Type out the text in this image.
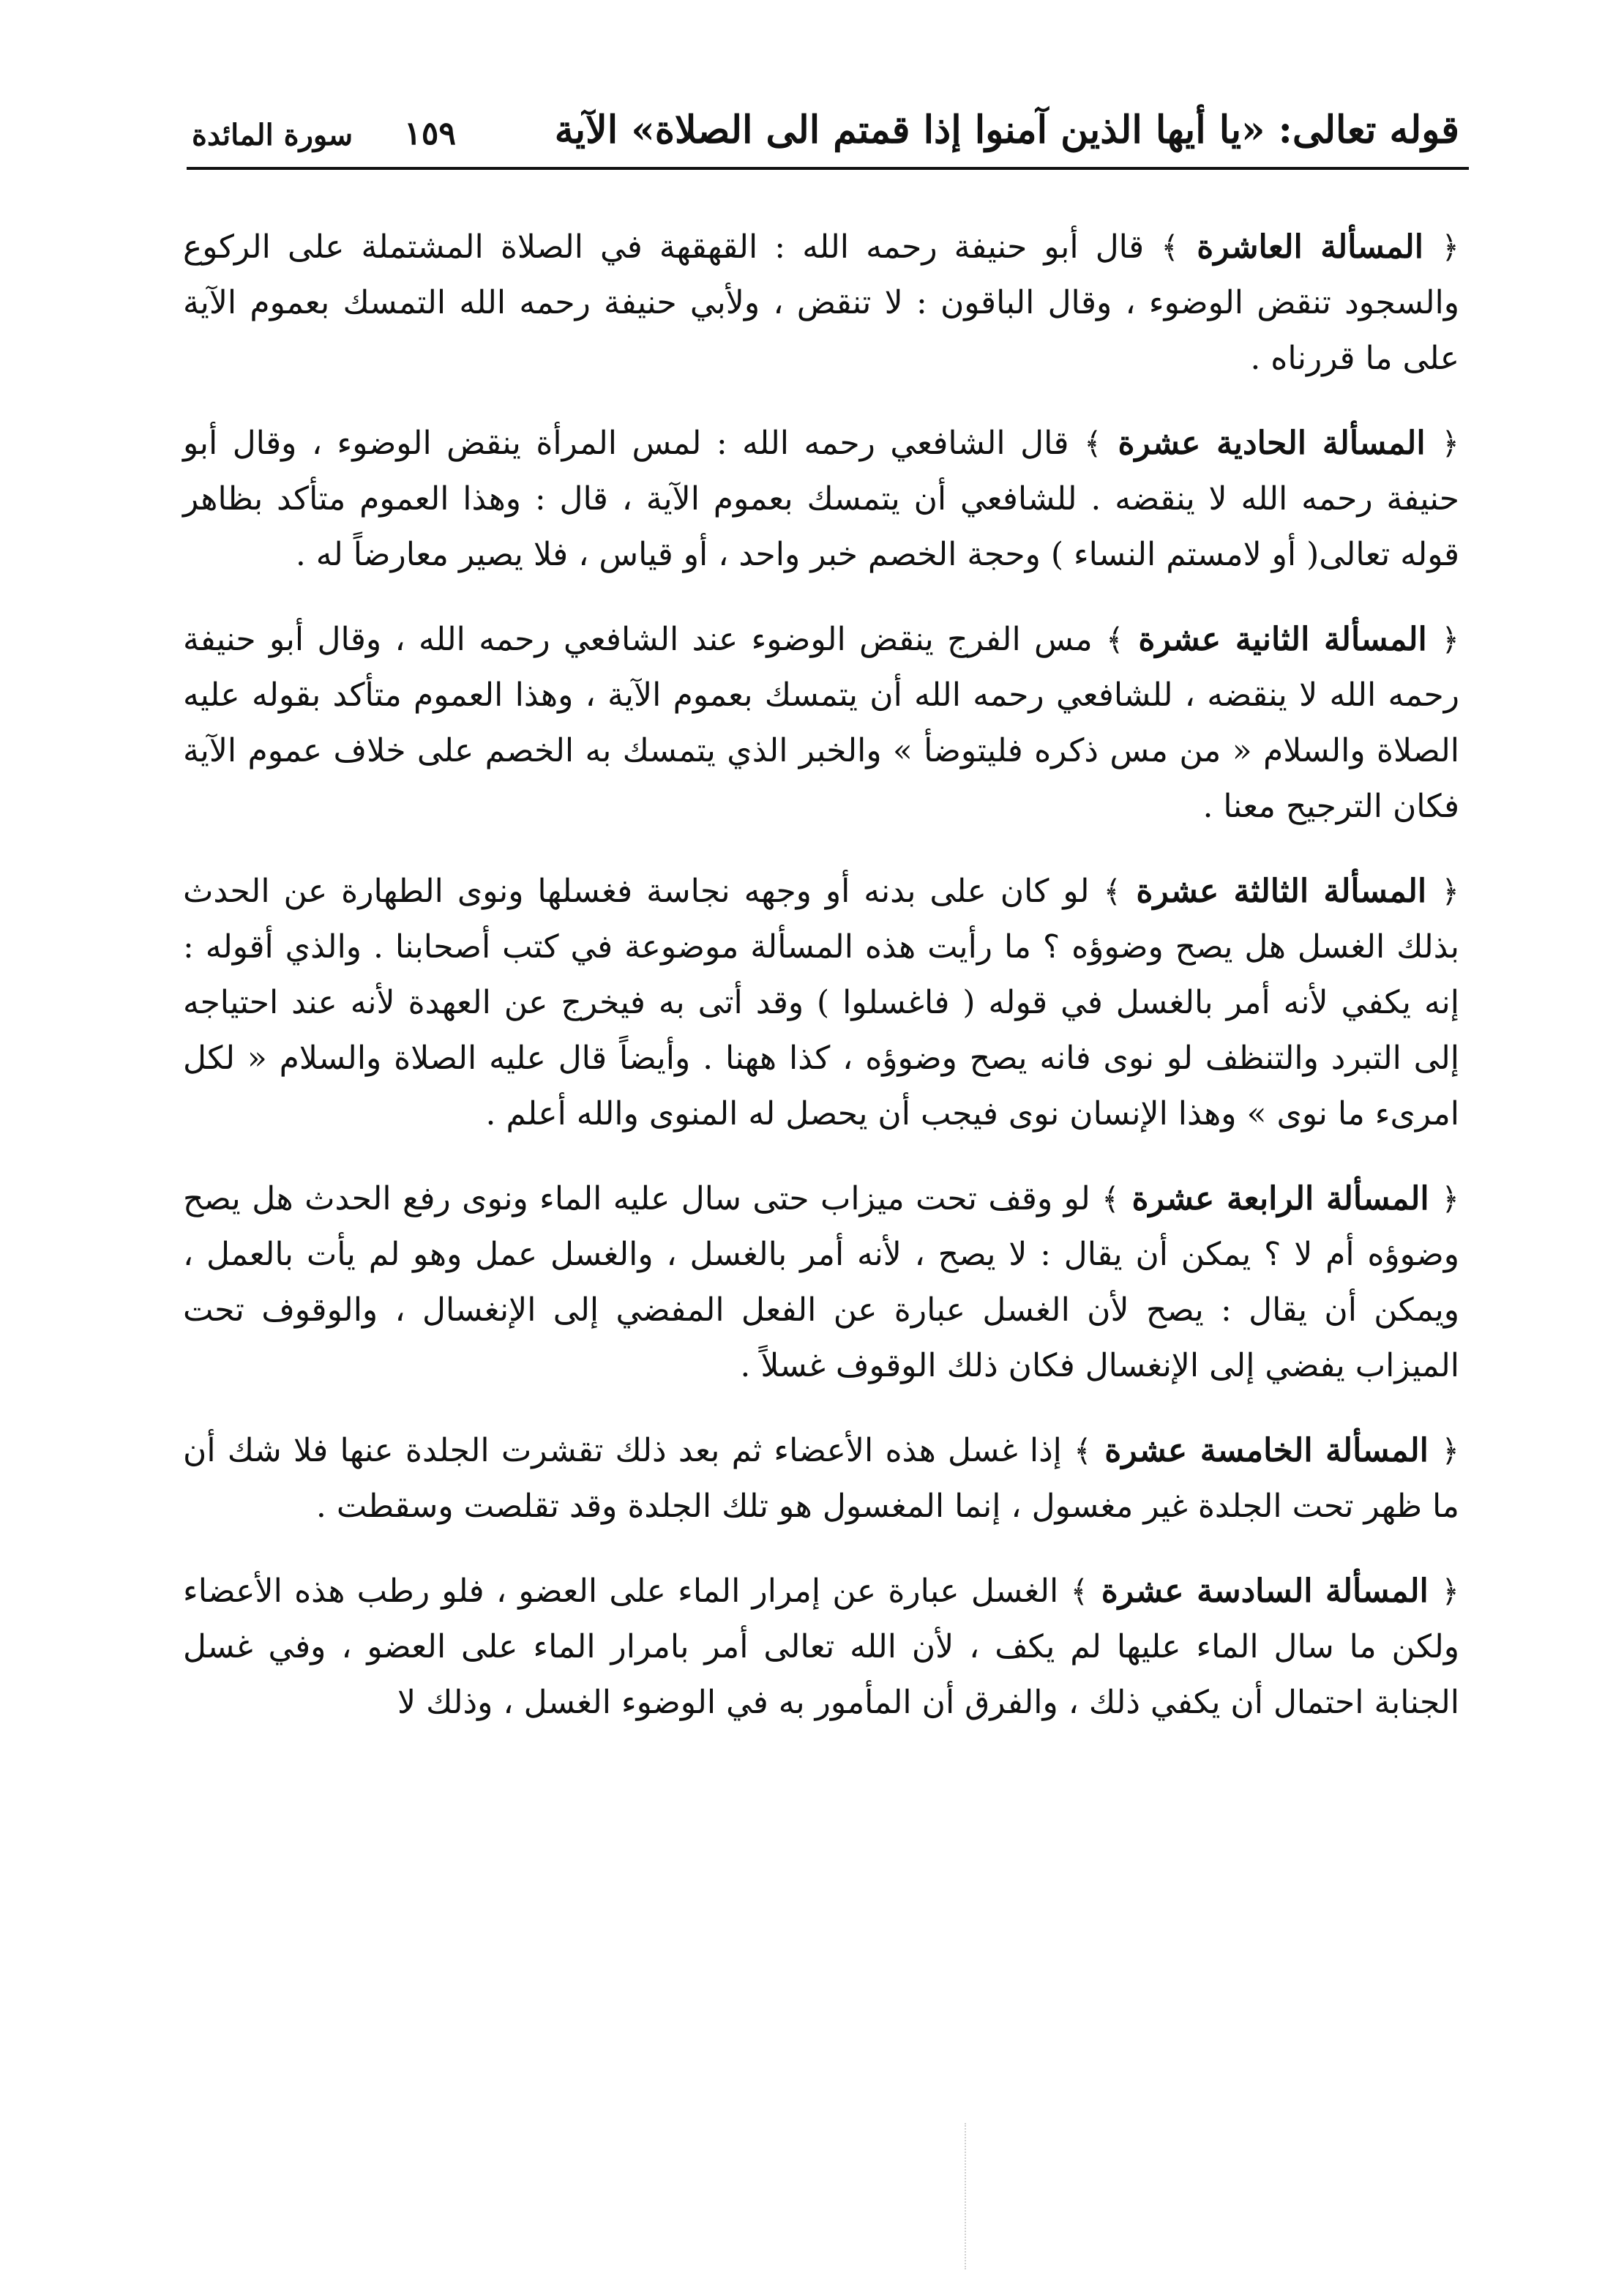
قوله تعالى: «يا أيها الذين آمنوا إذا قمتم الى الصلاة» الآية
سورة المائدة ١٥٩

﴿ المسألة العاشرة ﴾ قال أبو حنيفة رحمه الله : القهقهة في الصلاة المشتملة على الركوع والسجود تنقض الوضوء ، وقال الباقون : لا تنقض ، ولأبي حنيفة رحمه الله التمسك بعموم الآية على ما قررناه .

﴿ المسألة الحادية عشرة ﴾ قال الشافعي رحمه الله : لمس المرأة ينقض الوضوء ، وقال أبو حنيفة رحمه الله لا ينقضه . للشافعي أن يتمسك بعموم الآية ، قال : وهذا العموم متأكد بظاهر قوله تعالى( أو لامستم النساء ) وحجة الخصم خبر واحد ، أو قياس ، فلا يصير معارضاً له .

﴿ المسألة الثانية عشرة ﴾ مس الفرج ينقض الوضوء عند الشافعي رحمه الله ، وقال أبو حنيفة رحمه الله لا ينقضه ، للشافعي رحمه الله أن يتمسك بعموم الآية ، وهذا العموم متأكد بقوله عليه الصلاة والسلام « من مس ذكره فليتوضأ » والخبر الذي يتمسك به الخصم على خلاف عموم الآية فكان الترجيح معنا .

﴿ المسألة الثالثة عشرة ﴾ لو كان على بدنه أو وجهه نجاسة فغسلها ونوى الطهارة عن الحدث بذلك الغسل هل يصح وضوؤه ؟ ما رأيت هذه المسألة موضوعة في كتب أصحابنا . والذي أقوله : إنه يكفي لأنه أمر بالغسل في قوله ( فاغسلوا ) وقد أتى به فيخرج عن العهدة لأنه عند احتياجه إلى التبرد والتنظف لو نوى فانه يصح وضوؤه ، كذا ههنا . وأيضاً قال عليه الصلاة والسلام « لكل امرىء ما نوى » وهذا الإنسان نوى فيجب أن يحصل له المنوى والله أعلم .

﴿ المسألة الرابعة عشرة ﴾ لو وقف تحت ميزاب حتى سال عليه الماء ونوى رفع الحدث هل يصح وضوؤه أم لا ؟ يمكن أن يقال : لا يصح ، لأنه أمر بالغسل ، والغسل عمل وهو لم يأت بالعمل ، ويمكن أن يقال : يصح لأن الغسل عبارة عن الفعل المفضي إلى الإنغسال ، والوقوف تحت الميزاب يفضي إلى الإنغسال فكان ذلك الوقوف غسلاً .

﴿ المسألة الخامسة عشرة ﴾ إذا غسل هذه الأعضاء ثم بعد ذلك تقشرت الجلدة عنها فلا شك أن ما ظهر تحت الجلدة غير مغسول ، إنما المغسول هو تلك الجلدة وقد تقلصت وسقطت .

﴿ المسألة السادسة عشرة ﴾ الغسل عبارة عن إمرار الماء على العضو ، فلو رطب هذه الأعضاء ولكن ما سال الماء عليها لم يكف ، لأن الله تعالى أمر بامرار الماء على العضو ، وفي غسل الجنابة احتمال أن يكفي ذلك ، والفرق أن المأمور به في الوضوء الغسل ، وذلك لا
